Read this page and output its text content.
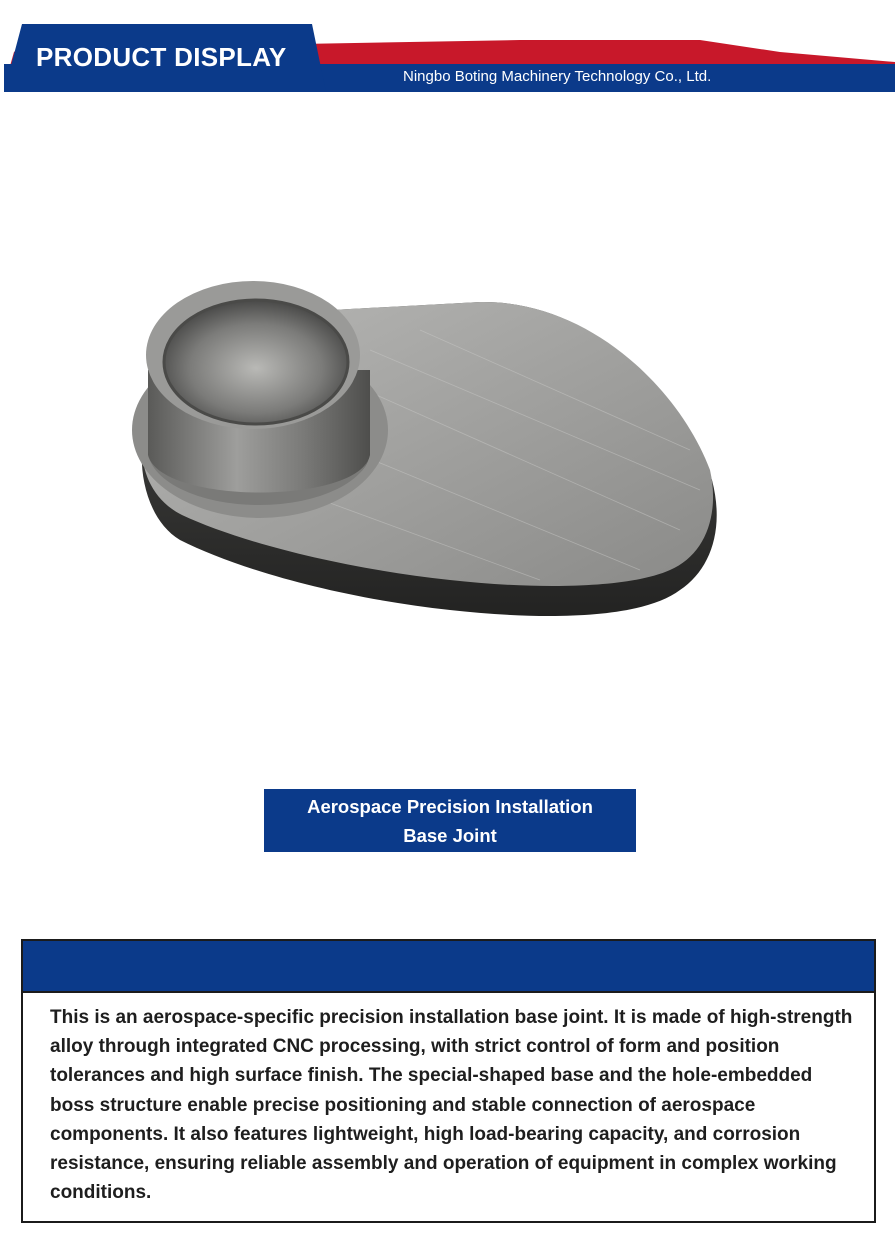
PRODUCT DISPLAY
Ningbo Boting Machinery Technology Co., Ltd.
Aerospace Precision Installation
Base Joint
This is an aerospace-specific precision installation base joint. It is made of high-strength alloy through integrated CNC processing, with strict control of form and position tolerances and high surface finish. The special-shaped base and the hole-embedded boss structure enable precise positioning and stable connection of aerospace components. It also features lightweight, high load-bearing capacity, and corrosion resistance, ensuring reliable assembly and operation of equipment in complex working conditions.
